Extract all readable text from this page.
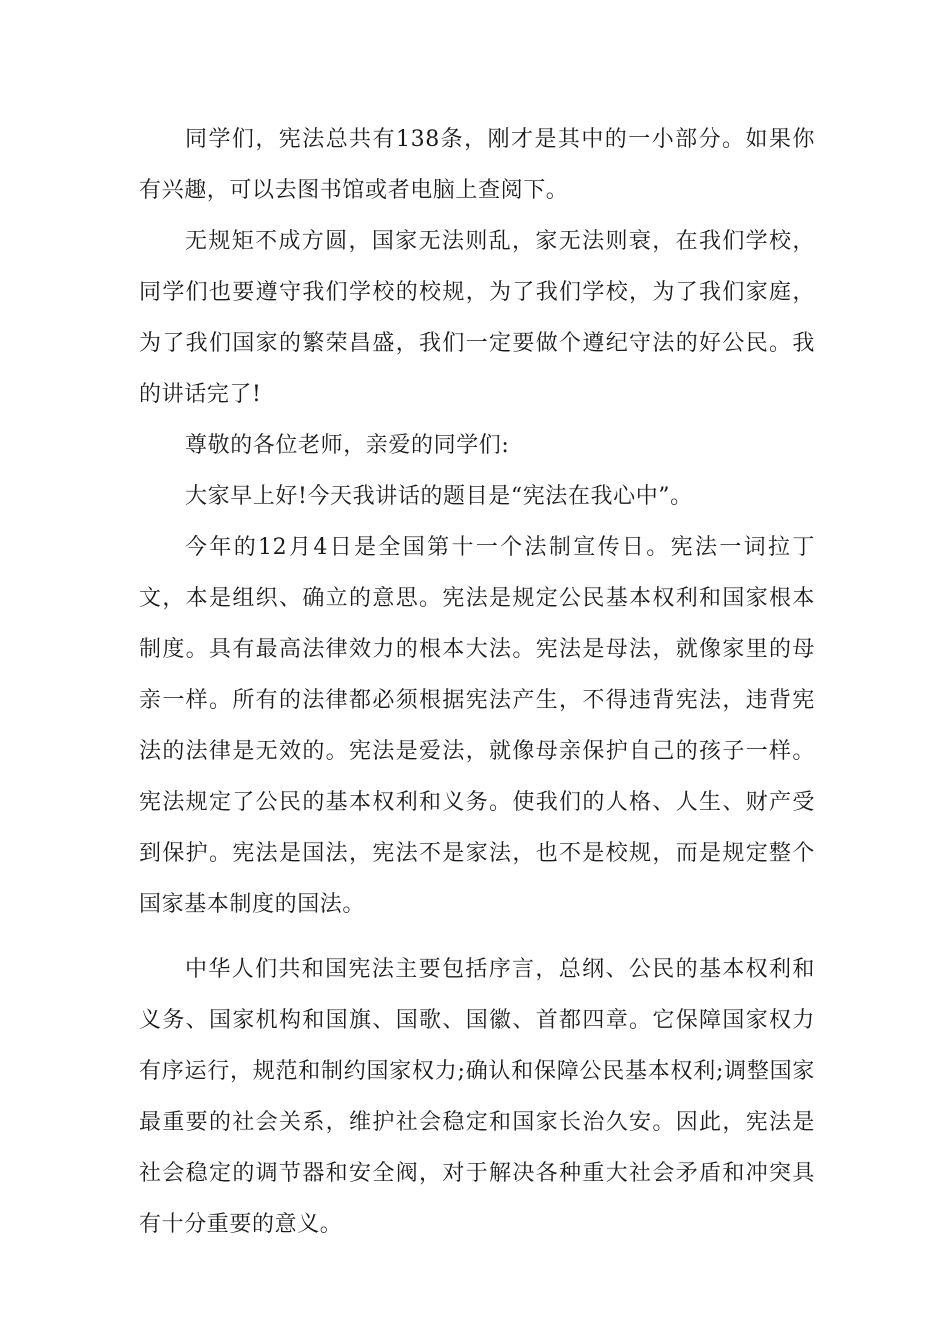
同学们，宪法总共有138条，刚才是其中的一小部分。如果你有兴趣，可以去图书馆或者电脑上查阅下。

无规矩不成方圆，国家无法则乱，家无法则衰，在我们学校，同学们也要遵守我们学校的校规，为了我们学校，为了我们家庭，为了我们国家的繁荣昌盛，我们一定要做个遵纪守法的好公民。我的讲话完了!

尊敬的各位老师，亲爱的同学们:

大家早上好!今天我讲话的题目是“宪法在我心中”。

今年的12月4日是全国第十一个法制宣传日。宪法一词拉丁文，本是组织、确立的意思。宪法是规定公民基本权利和国家根本制度。具有最高法律效力的根本大法。宪法是母法，就像家里的母亲一样。所有的法律都必须根据宪法产生，不得违背宪法，违背宪法的法律是无效的。宪法是爱法，就像母亲保护自己的孩子一样。宪法规定了公民的基本权利和义务。使我们的人格、人生、财产受到保护。宪法是国法，宪法不是家法，也不是校规，而是规定整个国家基本制度的国法。

中华人们共和国宪法主要包括序言，总纲、公民的基本权利和义务、国家机构和国旗、国歌、国徽、首都四章。它保障国家权力有序运行，规范和制约国家权力;确认和保障公民基本权利;调整国家最重要的社会关系，维护社会稳定和国家长治久安。因此，宪法是社会稳定的调节器和安全阀，对于解决各种重大社会矛盾和冲突具有十分重要的意义。
